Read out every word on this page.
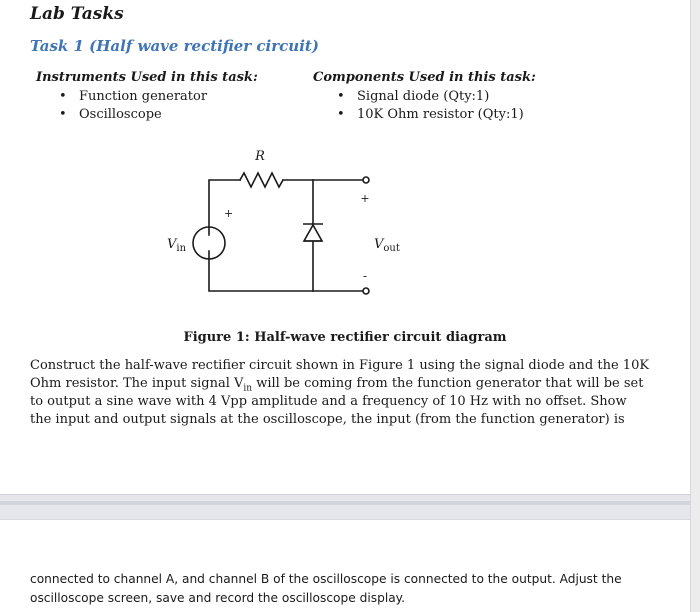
Lab Tasks
Task 1 (Half wave rectifier circuit)
Instruments Used in this task:
• Function generator
• Oscilloscope
Components Used in this task:
• Signal diode (Qty:1)
• 10K Ohm resistor (Qty:1)
R
+
+
-
$V_{in}$	$V_{out}$
Figure 1: Half-wave rectifier circuit diagram
Construct the half-wave rectifier circuit shown in Figure 1 using the signal diode and the 10K
Ohm resistor. The input signal $V_{in}$ will be coming from the function generator that will be set
to output a sine wave with 4 Vpp amplitude and a frequency of 10 Hz with no offset. Show
the input and output signals at the oscilloscope, the input (from the function generator) is
connected to channel A, and channel B of the oscilloscope is connected to the output. Adjust the
oscilloscope screen, save and record the oscilloscope display.
